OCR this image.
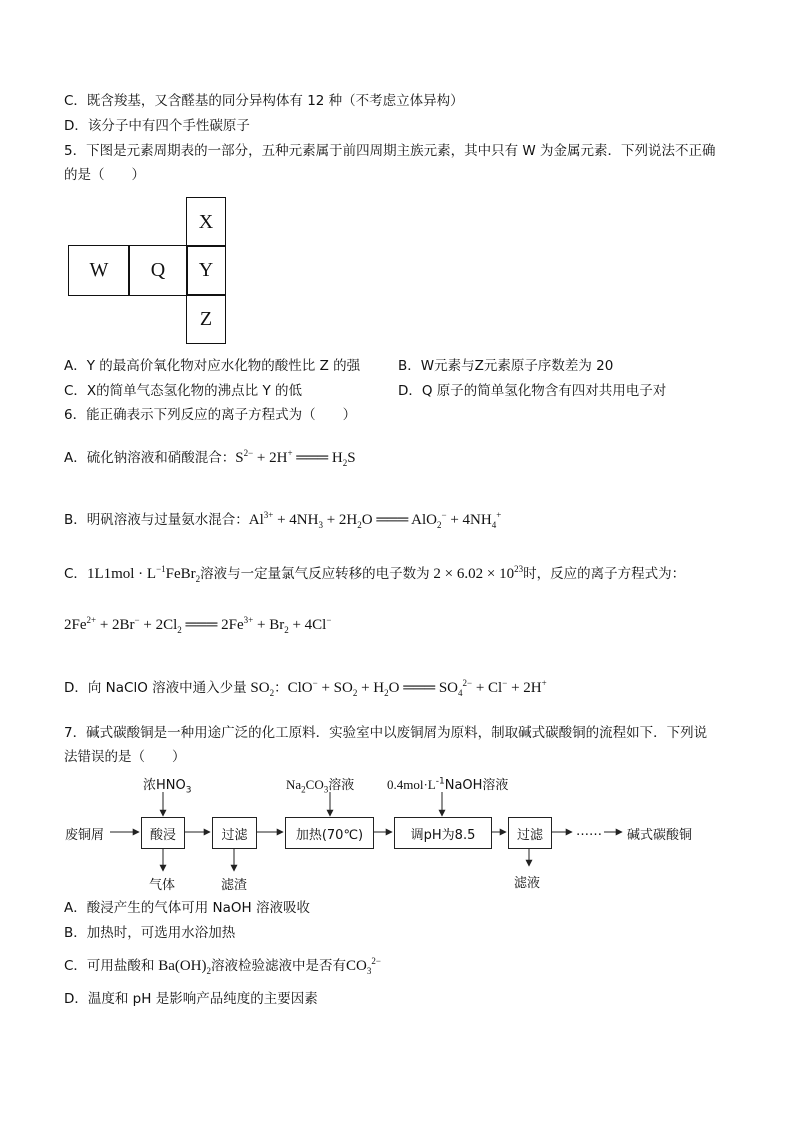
C．既含羧基，又含醛基的同分异构体有 12 种（不考虑立体异构）
D．该分子中有四个手性碳原子
5．下图是元素周期表的一部分，五种元素属于前四周期主族元素，其中只有 W 为金属元素．下列说法不正确
的是（　　）
X
W	Q	Y
Z
A．Y 的最高价氧化物对应水化物的酸性比 Z 的强	B．W元素与Z元素原子序数差为 20
C．X的简单气态氢化物的沸点比 Y 的低	D．Q 原子的简单氢化物含有四对共用电子对
6．能正确表示下列反应的离子方程式为（　　）
A．硫化钠溶液和硝酸混合：$S^{2-} + 2H^+$ ═══ $H_2S$
B．明矾溶液与过量氨水混合：$Al^{3+} + 4NH_3 + 2H_2O$ ═══ $AlO_2^- + 4NH_4^+$
C．$1L1mol \cdot L^{-1}FeBr_2$溶液与一定量氯气反应转移的电子数为 $2 \times 6.02 \times 10^{23}$时，反应的离子方程式为：
$2Fe^{2+} + 2Br^- + 2Cl_2$ ═══ $2Fe^{3+} + Br_2 + 4Cl^-$
D．向 NaClO 溶液中通入少量 $SO_2$：$ClO^- + SO_2 + H_2O$ ═══ $SO_4^{2-} + Cl^- + 2H^+$
7．碱式碳酸铜是一种用途广泛的化工原料．实验室中以废铜屑为原料，制取碱式碳酸铜的流程如下．下列说
法错误的是（　　）
废铜屑	酸浸	过滤	加热(70℃)	调pH为8.5	过滤	…… 碱式碳酸铜
浓$HNO_3$	$Na_2CO_3$溶液	$0.4mol\cdot L^{-1}NaOH$溶液
气体	滤渣	滤液
A．酸浸产生的气体可用 NaOH 溶液吸收
B．加热时，可选用水浴加热
C．可用盐酸和 $Ba(OH)_2$溶液检验滤液中是否有$CO_3^{2-}$
D．温度和 pH 是影响产品纯度的主要因素
